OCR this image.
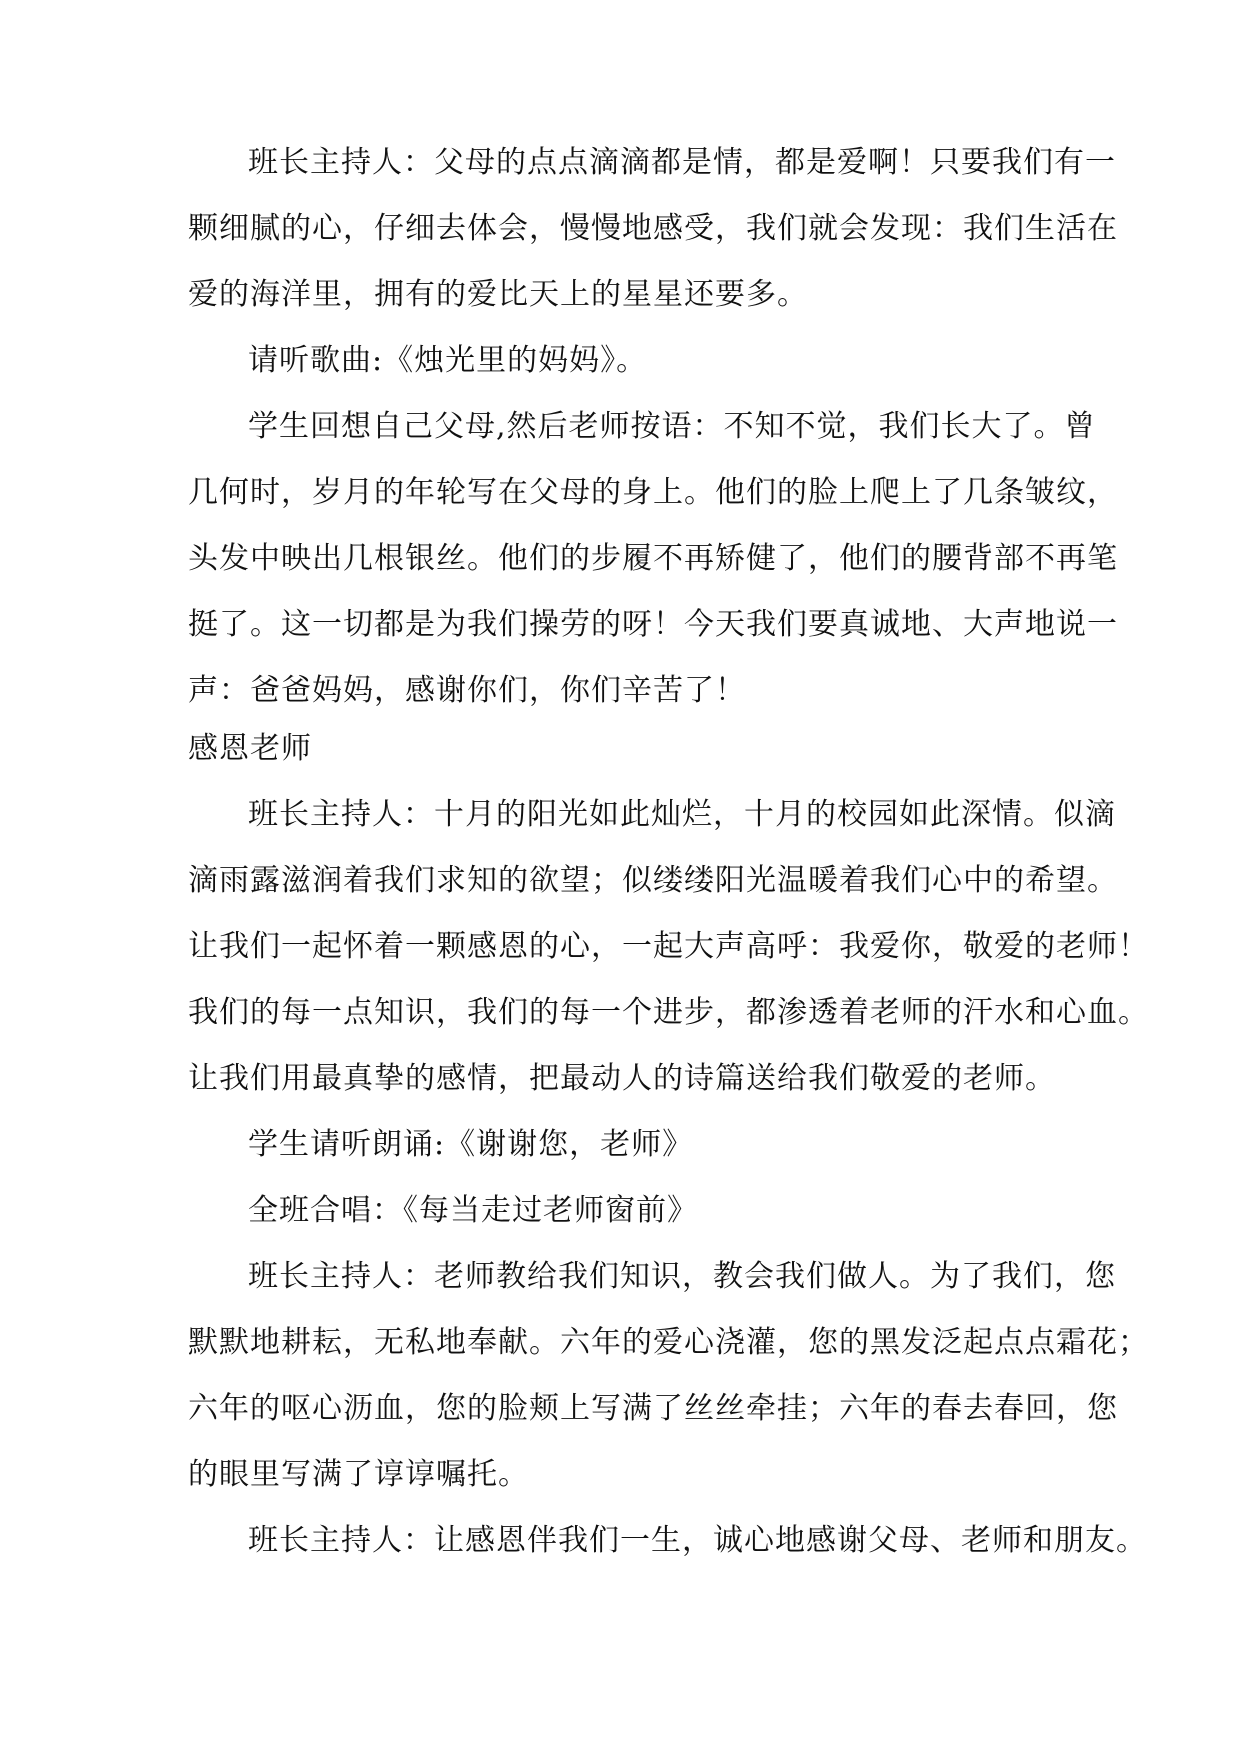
班长主持人：父母的点点滴滴都是情，都是爱啊！只要我们有一
颗细腻的心，仔细去体会，慢慢地感受，我们就会发现：我们生活在
爱的海洋里，拥有的爱比天上的星星还要多。

请听歌曲:《烛光里的妈妈》。

学生回想自己父母,然后老师按语：不知不觉，我们长大了。曾
几何时，岁月的年轮写在父母的身上。他们的脸上爬上了几条皱纹，
头发中映出几根银丝。他们的步履不再矫健了，他们的腰背部不再笔
挺了。这一切都是为我们操劳的呀！今天我们要真诚地、大声地说一
声：爸爸妈妈，感谢你们，你们辛苦了！

感恩老师

班长主持人：十月的阳光如此灿烂，十月的校园如此深情。似滴
滴雨露滋润着我们求知的欲望；似缕缕阳光温暖着我们心中的希望。
让我们一起怀着一颗感恩的心，一起大声高呼：我爱你，敬爱的老师！
我们的每一点知识，我们的每一个进步，都渗透着老师的汗水和心血。
让我们用最真挚的感情，把最动人的诗篇送给我们敬爱的老师。

学生请听朗诵:《谢谢您，老师》

全班合唱：《每当走过老师窗前》

班长主持人：老师教给我们知识，教会我们做人。为了我们，您
默默地耕耘，无私地奉献。六年的爱心浇灌，您的黑发泛起点点霜花；
六年的呕心沥血，您的脸颊上写满了丝丝牵挂；六年的春去春回，您
的眼里写满了谆谆嘱托。

班长主持人：让感恩伴我们一生，诚心地感谢父母、老师和朋友。
